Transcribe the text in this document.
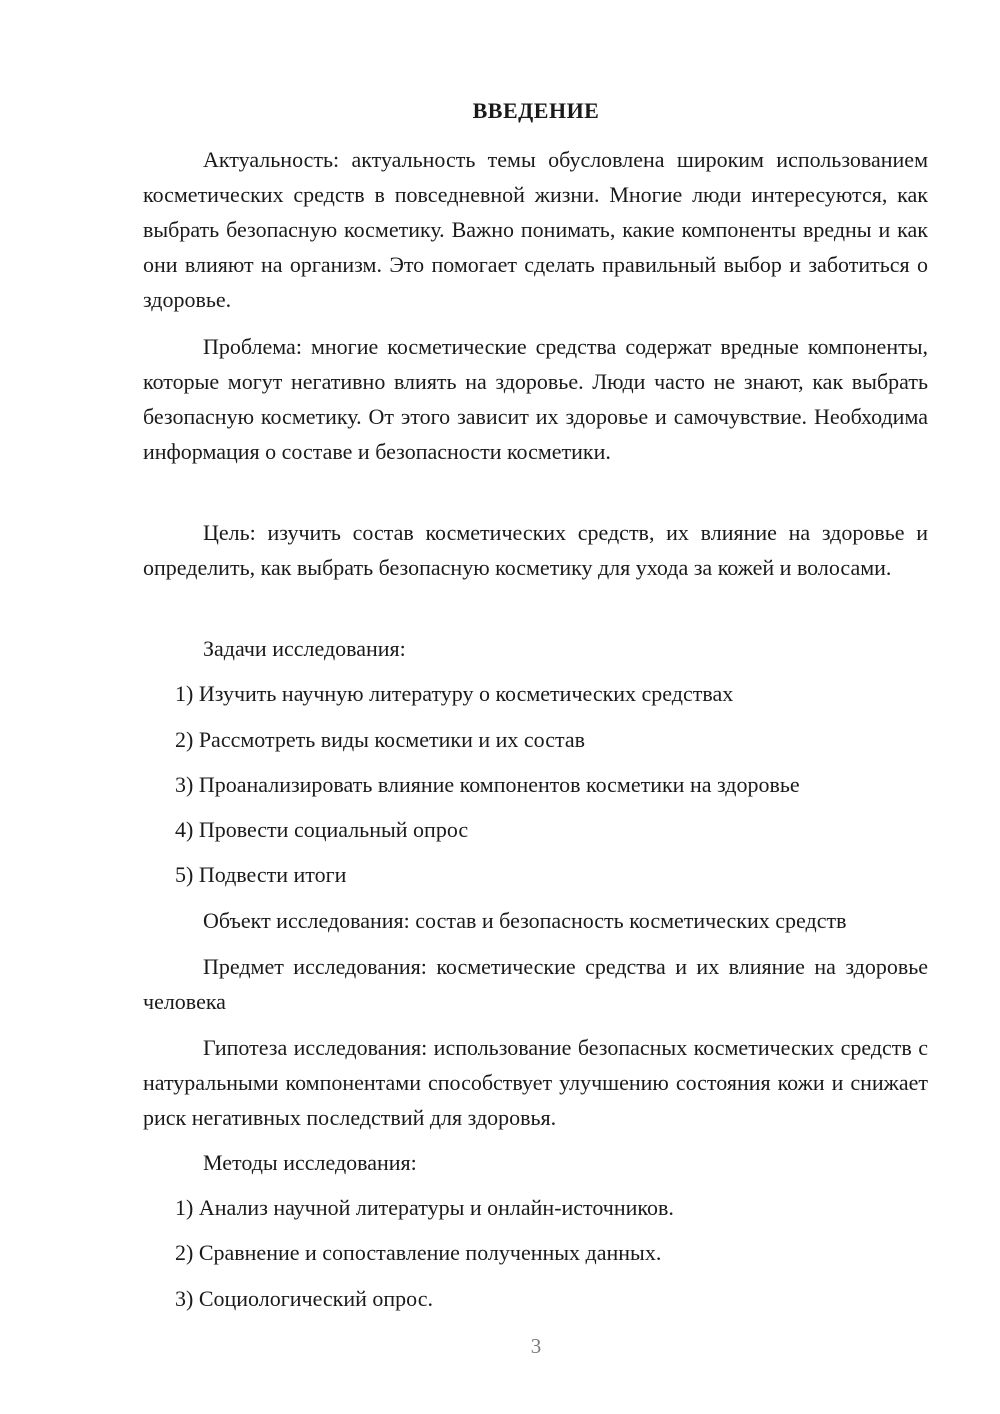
ВВЕДЕНИЕ

Актуальность: актуальность темы обусловлена широким использованием косметических средств в повседневной жизни. Многие люди интересуются, как выбрать безопасную косметику. Важно понимать, какие компоненты вредны и как они влияют на организм. Это помогает сделать правильный выбор и заботиться о здоровье.

Проблема: многие косметические средства содержат вредные компоненты, которые могут негативно влиять на здоровье. Люди часто не знают, как выбрать безопасную косметику. От этого зависит их здоровье и самочувствие. Необходима информация о составе и безопасности косметики.

Цель: изучить состав косметических средств, их влияние на здоровье и определить, как выбрать безопасную косметику для ухода за кожей и волосами.

Задачи исследования:

1) Изучить научную литературу о косметических средствах

2) Рассмотреть виды косметики и их состав

3) Проанализировать влияние компонентов косметики на здоровье

4) Провести социальный опрос

5) Подвести итоги

Объект исследования: состав и безопасность косметических средств

Предмет исследования: косметические средства и их влияние на здоровье человека

Гипотеза исследования: использование безопасных косметических средств с натуральными компонентами способствует улучшению состояния кожи и снижает риск негативных последствий для здоровья.

Методы исследования:

1) Анализ научной литературы и онлайн-источников.

2) Сравнение и сопоставление полученных данных.

3) Социологический опрос.

3
